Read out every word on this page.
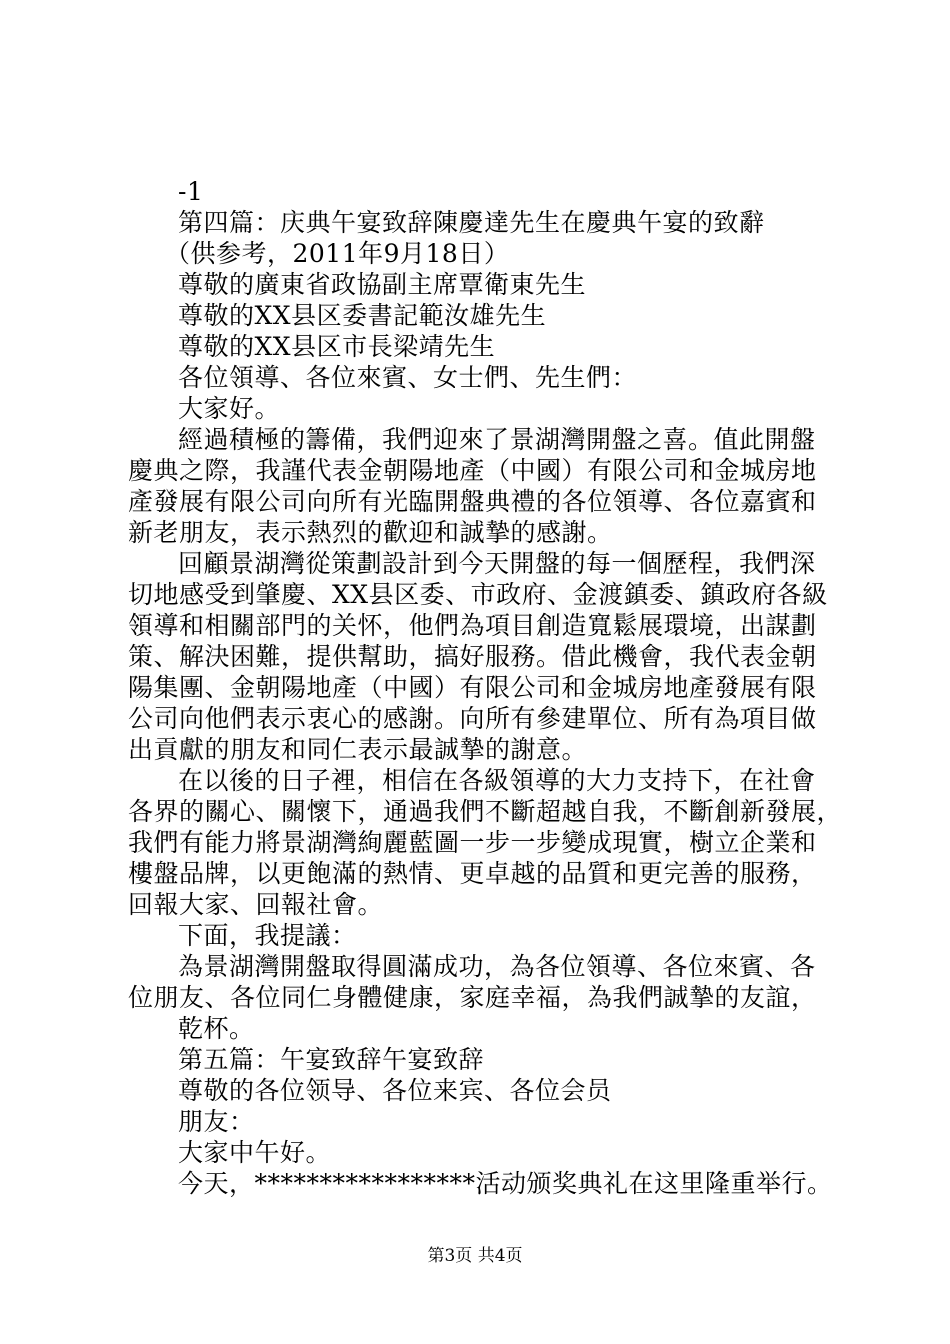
-1

第四篇：庆典午宴致辞陳慶達先生在慶典午宴的致辭

（供参考，2011年9月18日）

尊敬的廣東省政協副主席覃衛東先生

尊敬的XX县区委書記範汝雄先生

尊敬的XX县区市長梁靖先生

各位領導、各位來賓、女士們、先生們：

大家好。

經過積極的籌備，我們迎來了景湖灣開盤之喜。值此開盤

慶典之際，我謹代表金朝陽地產（中國）有限公司和金城房地

產發展有限公司向所有光臨開盤典禮的各位領導、各位嘉賓和

新老朋友，表示熱烈的歡迎和誠摯的感謝。

回顧景湖灣從策劃設計到今天開盤的每一個歷程，我們深

切地感受到肇慶、XX县区委、市政府、金渡鎮委、鎮政府各級

領導和相關部門的关怀，他們為項目創造寬鬆展環境，出謀劃

策、解決困難，提供幫助，搞好服務。借此機會，我代表金朝

陽集團、金朝陽地產（中國）有限公司和金城房地產發展有限

公司向他們表示衷心的感謝。向所有參建單位、所有為項目做

出貢獻的朋友和同仁表示最誠摯的謝意。

在以後的日子裡，相信在各級領導的大力支持下，在社會

各界的關心、關懷下，通過我們不斷超越自我，不斷創新發展，

我們有能力將景湖灣絢麗藍圖一步一步變成現實，樹立企業和

樓盤品牌，以更飽滿的熱情、更卓越的品質和更完善的服務，

回報大家、回報社會。

下面，我提議：

為景湖灣開盤取得圓滿成功，為各位領導、各位來賓、各

位朋友、各位同仁身體健康，家庭幸福，為我們誠摯的友誼，

乾杯。

第五篇：午宴致辞午宴致辞

尊敬的各位领导、各位来宾、各位会员

朋友：

大家中午好。

今天，*****************活动颁奖典礼在这里隆重举行。

第3页 共4页
